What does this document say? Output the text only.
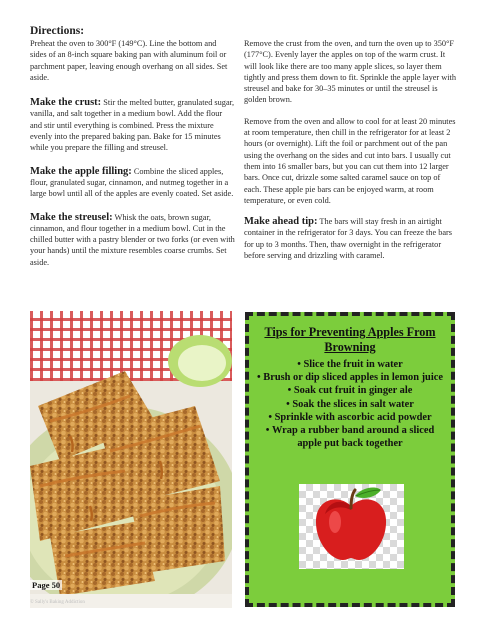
Directions:

Preheat the oven to 300°F (149°C). Line the bottom and sides of an 8-inch square baking pan with aluminum foil or parchment paper, leaving enough overhang on all sides. Set aside.

Make the crust: Stir the melted butter, granulated sugar, vanilla, and salt together in a medium bowl. Add the flour and stir until everything is combined. Press the mixture evenly into the prepared baking pan. Bake for 15 minutes while you prepare the filling and streusel.

Make the apple filling: Combine the sliced apples, flour, granulated sugar, cinnamon, and nutmeg together in a large bowl until all of the apples are evenly coated. Set aside.

Make the streusel: Whisk the oats, brown sugar, cinnamon, and flour together in a medium bowl. Cut in the chilled butter with a pastry blender or two forks (or even with your hands) until the mixture resembles coarse crumbs. Set aside.

Remove the crust from the oven, and turn the oven up to 350°F (177°C). Evenly layer the apples on top of the warm crust. It will look like there are too many apple slices, so layer them tightly and press them down to fit. Sprinkle the apple layer with streusel and bake for 30–35 minutes or until the streusel is golden brown.

Remove from the oven and allow to cool for at least 20 minutes at room temperature, then chill in the refrigerator for at least 2 hours (or overnight). Lift the foil or parchment out of the pan using the overhang on the sides and cut into bars. I usually cut them into 16 smaller bars, but you can cut them into 12 larger bars. Once cut, drizzle some salted caramel sauce on top of each. These apple pie bars can be enjoyed warm, at room temperature, or even cold.

Make ahead tip: The bars will stay fresh in an airtight container in the refrigerator for 3 days. You can freeze the bars for up to 3 months. Then, thaw overnight in the refrigerator before serving and drizzling with caramel.

Page 50
© Sally's Baking Addiction
Tips for Preventing Apples From Browning
• Slice the fruit in water
• Brush or dip sliced apples in lemon juice
• Soak cut fruit in ginger ale
• Soak the slices in salt water
• Sprinkle with ascorbic acid powder
• Wrap a rubber band around a sliced apple put back together
